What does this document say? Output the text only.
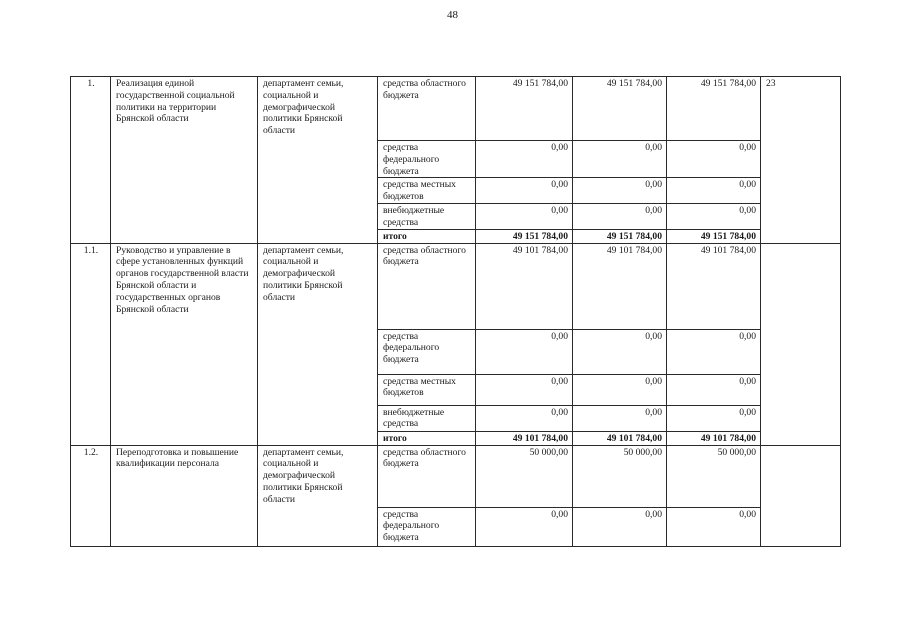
48
1.	Реализация единой государственной социальной политики на территории Брянской области	департамент семьи, социальной и демографической политики Брянской области	средства областного бюджета	49 151 784,00	49 151 784,00	49 151 784,00	23
			средства федерального бюджета	0,00	0,00	0,00	
			средства местных бюджетов	0,00	0,00	0,00	
			внебюджетные средства	0,00	0,00	0,00	
			итого	49 151 784,00	49 151 784,00	49 151 784,00	
1.1.	Руководство и управление в сфере установленных функций органов государственной власти Брянской области и государственных органов Брянской области	департамент семьи, социальной и демографической политики Брянской области	средства областного бюджета	49 101 784,00	49 101 784,00	49 101 784,00	
			средства федерального бюджета	0,00	0,00	0,00	
			средства местных бюджетов	0,00	0,00	0,00	
			внебюджетные средства	0,00	0,00	0,00	
			итого	49 101 784,00	49 101 784,00	49 101 784,00	
1.2.	Переподготовка и повышение квалификации персонала	департамент семьи, социальной и демографической политики Брянской области	средства областного бюджета	50 000,00	50 000,00	50 000,00	
			средства федерального бюджета	0,00	0,00	0,00	
